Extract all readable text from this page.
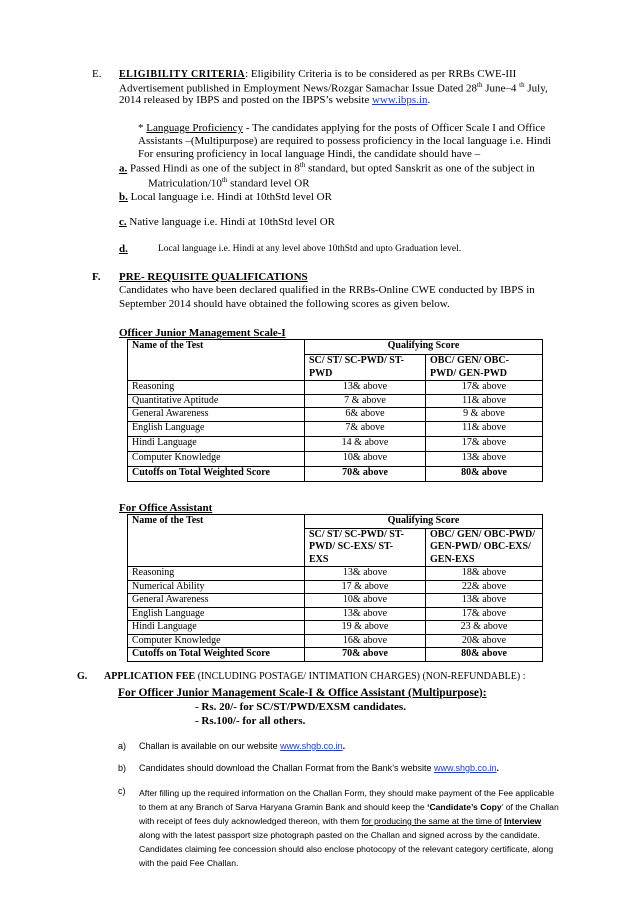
E. ELIGIBILITY CRITERIA: Eligibility Criteria is to be considered as per RRBs CWE-III
Advertisement published in Employment News/Rozgar Samachar Issue Dated 28th June–4 $^{th}$ July,
2014 released by IBPS and posted on the IBPS’s website www.ibps.in.
* Language Proficiency - The candidates applying for the posts of Officer Scale I and Office
Assistants –(Multipurpose) are required to possess proficiency in the local language i.e. Hindi
For ensuring proficiency in local language Hindi, the candidate should have –
a. Passed Hindi as one of the subject in 8th standard, but opted Sanskrit as one of the subject in
Matriculation/10th standard level OR
b. Local language i.e. Hindi at 10thStd level OR
c. Native language i.e. Hindi at 10thStd level OR
d.	Local language i.e. Hindi at any level above 10thStd and upto Graduation level.
F. PRE- REQUISITE QUALIFICATIONS
Candidates who have been declared qualified in the RRBs-Online CWE conducted by IBPS in
September 2014 should have obtained the following scores as given below.
Officer Junior Management Scale-I
Name of the Test	Qualifying Score	
	SC/ ST/ SC-PWD/ ST-
PWD	OBC/ GEN/ OBC-
PWD/ GEN-PWD
Reasoning	13& above	17& above
Quantitative Aptitude	7 & above	11& above
General Awareness	6& above	9 & above
English Language	7& above	11& above
Hindi Language	14 & above	17& above
Computer Knowledge	10& above	13& above
Cutoffs on Total Weighted Score	70& above	80& above
For Office Assistant
Name of the Test	Qualifying Score	
	SC/ ST/ SC-PWD/ ST-
PWD/ SC-EXS/ ST-
EXS	OBC/ GEN/ OBC-PWD/
GEN-PWD/ OBC-EXS/
GEN-EXS
Reasoning	13& above	18& above
Numerical Ability	17 & above	22& above
General Awareness	10& above	13& above
English Language	13& above	17& above
Hindi Language	19 & above	23 & above
Computer Knowledge	16& above	20& above
Cutoffs on Total Weighted Score	70& above	80& above
G. APPLICATION FEE (INCLUDING POSTAGE/ INTIMATION CHARGES) (NON-REFUNDABLE) :
For Officer Junior Management Scale-I & Office Assistant (Multipurpose):
- Rs. 20/- for SC/ST/PWD/EXSM candidates.
- Rs.100/- for all others.
a) Challan is available on our website www.shgb.co.in.
b) Candidates should download the Challan Format from the Bank’s website www.shgb.co.in.
c) After filling up the required information on the Challan Form, they should make payment of the Fee applicable
to them at any Branch of Sarva Haryana Gramin Bank and should keep the ‘Candidate’s Copy’ of the Challan
with receipt of fees duly acknowledged thereon, with them for producing the same at the time of Interview
along with the latest passport size photograph pasted on the Challan and signed across by the candidate.
Candidates claiming fee concession should also enclose photocopy of the relevant category certificate, along
with the paid Fee Challan.
